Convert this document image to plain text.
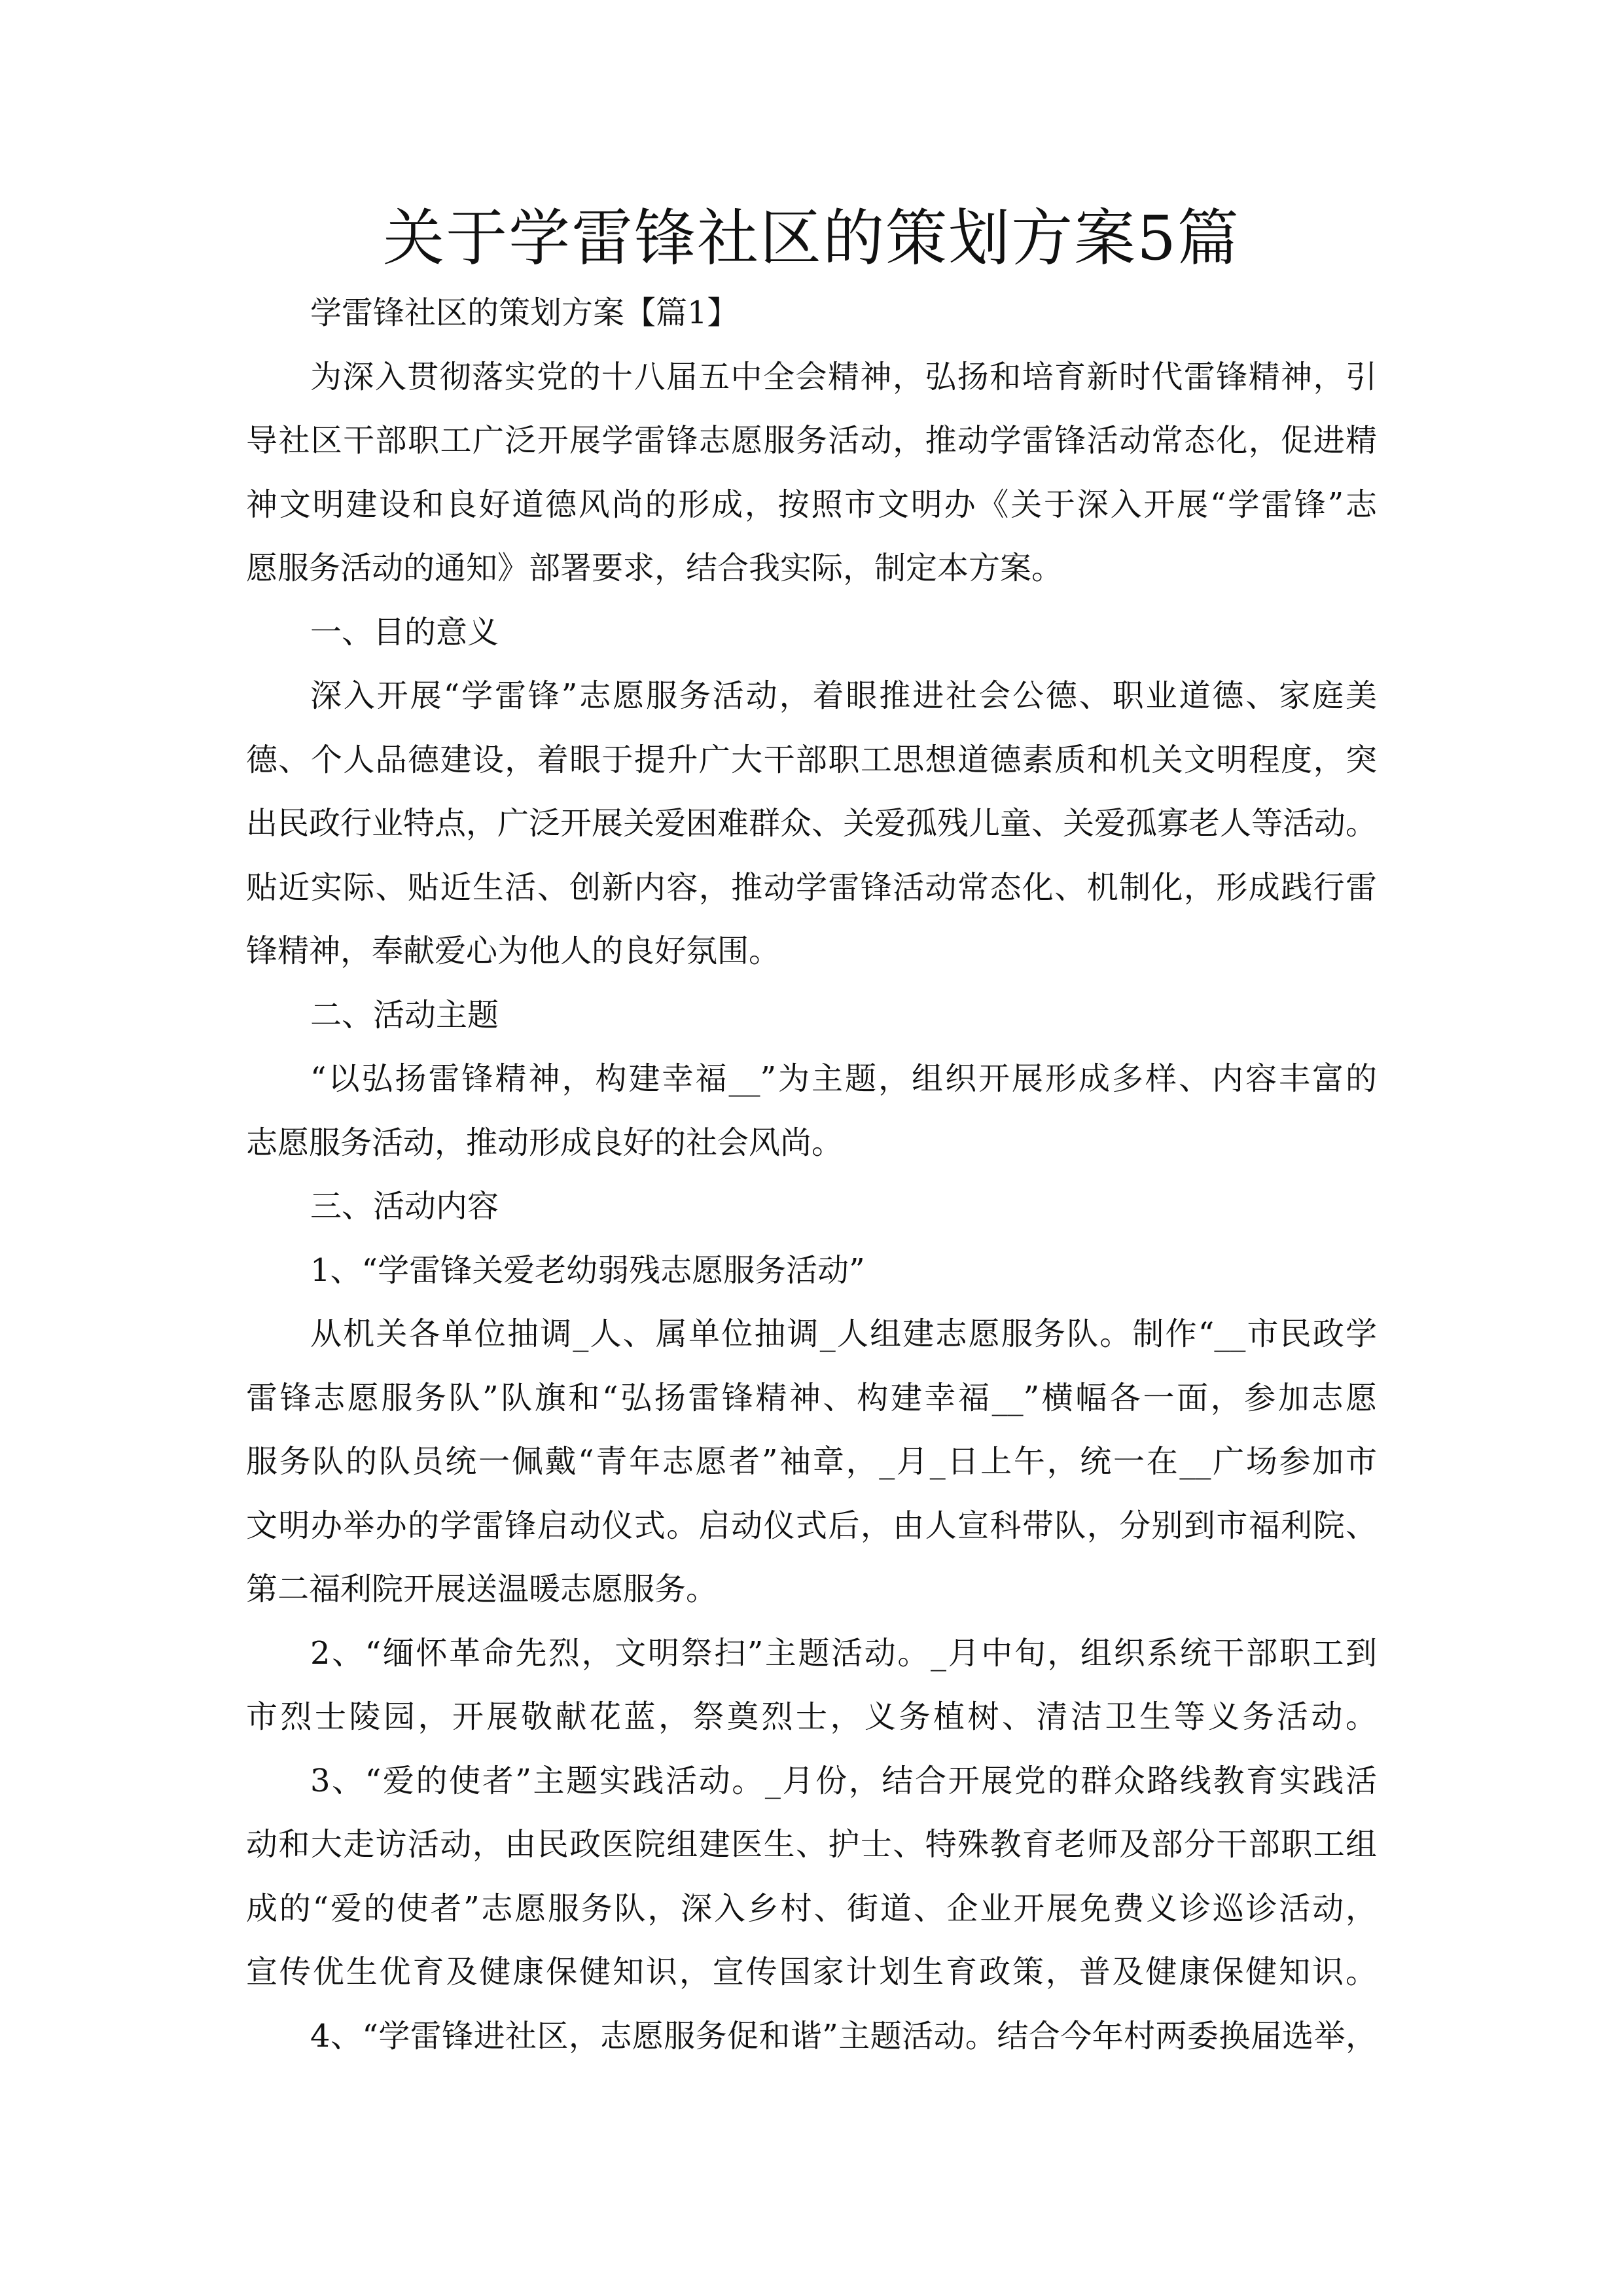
关于学雷锋社区的策划方案5篇
学雷锋社区的策划方案【篇1】
为深入贯彻落实党的十八届五中全会精神，弘扬和培育新时代雷锋精神，引
导社区干部职工广泛开展学雷锋志愿服务活动，推动学雷锋活动常态化，促进精
神文明建设和良好道德风尚的形成，按照市文明办《关于深入开展“学雷锋”志
愿服务活动的通知》部署要求，结合我实际，制定本方案。
一、目的意义
深入开展“学雷锋”志愿服务活动，着眼推进社会公德、职业道德、家庭美
德、个人品德建设，着眼于提升广大干部职工思想道德素质和机关文明程度，突
出民政行业特点，广泛开展关爱困难群众、关爱孤残儿童、关爱孤寡老人等活动。
贴近实际、贴近生活、创新内容，推动学雷锋活动常态化、机制化，形成践行雷
锋精神，奉献爱心为他人的良好氛围。
二、活动主题
“以弘扬雷锋精神，构建幸福__”为主题，组织开展形成多样、内容丰富的
志愿服务活动，推动形成良好的社会风尚。
三、活动内容
1、“学雷锋关爱老幼弱残志愿服务活动”
从机关各单位抽调_人、属单位抽调_人组建志愿服务队。制作“__市民政学
雷锋志愿服务队”队旗和“弘扬雷锋精神、构建幸福__”横幅各一面，参加志愿
服务队的队员统一佩戴“青年志愿者”袖章，_月_日上午，统一在__广场参加市
文明办举办的学雷锋启动仪式。启动仪式后，由人宣科带队，分别到市福利院、
第二福利院开展送温暖志愿服务。
2、“缅怀革命先烈，文明祭扫”主题活动。_月中旬，组织系统干部职工到
市烈士陵园，开展敬献花蓝，祭奠烈士，义务植树、清洁卫生等义务活动。
3、“爱的使者”主题实践活动。_月份，结合开展党的群众路线教育实践活
动和大走访活动，由民政医院组建医生、护士、特殊教育老师及部分干部职工组
成的“爱的使者”志愿服务队，深入乡村、街道、企业开展免费义诊巡诊活动，
宣传优生优育及健康保健知识，宣传国家计划生育政策，普及健康保健知识。
4、“学雷锋进社区，志愿服务促和谐”主题活动。结合今年村两委换届选举，
